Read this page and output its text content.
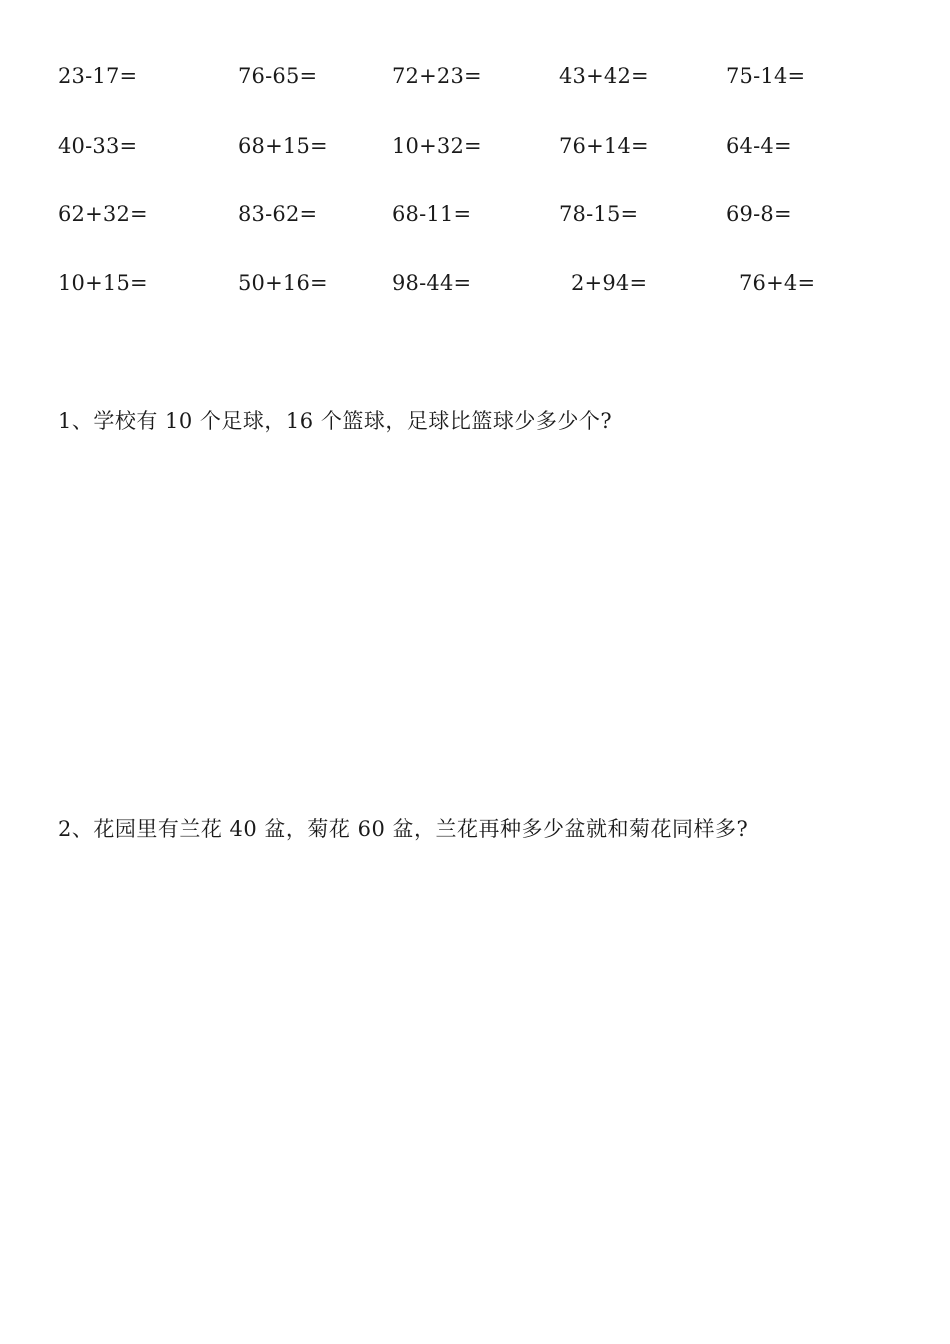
23-17=	76-65=	72+23=	43+42=	75-14=
40-33=	68+15=	10+32=	76+14=	64-4=
62+32=	83-62=	68-11=	78-15=	69-8=
10+15=	50+16=	98-44=	2+94=	76+4=
1、学校有 10 个足球，16 个篮球，足球比篮球少多少个?
2、花园里有兰花 40 盆，菊花 60 盆，兰花再种多少盆就和菊花同样多?
